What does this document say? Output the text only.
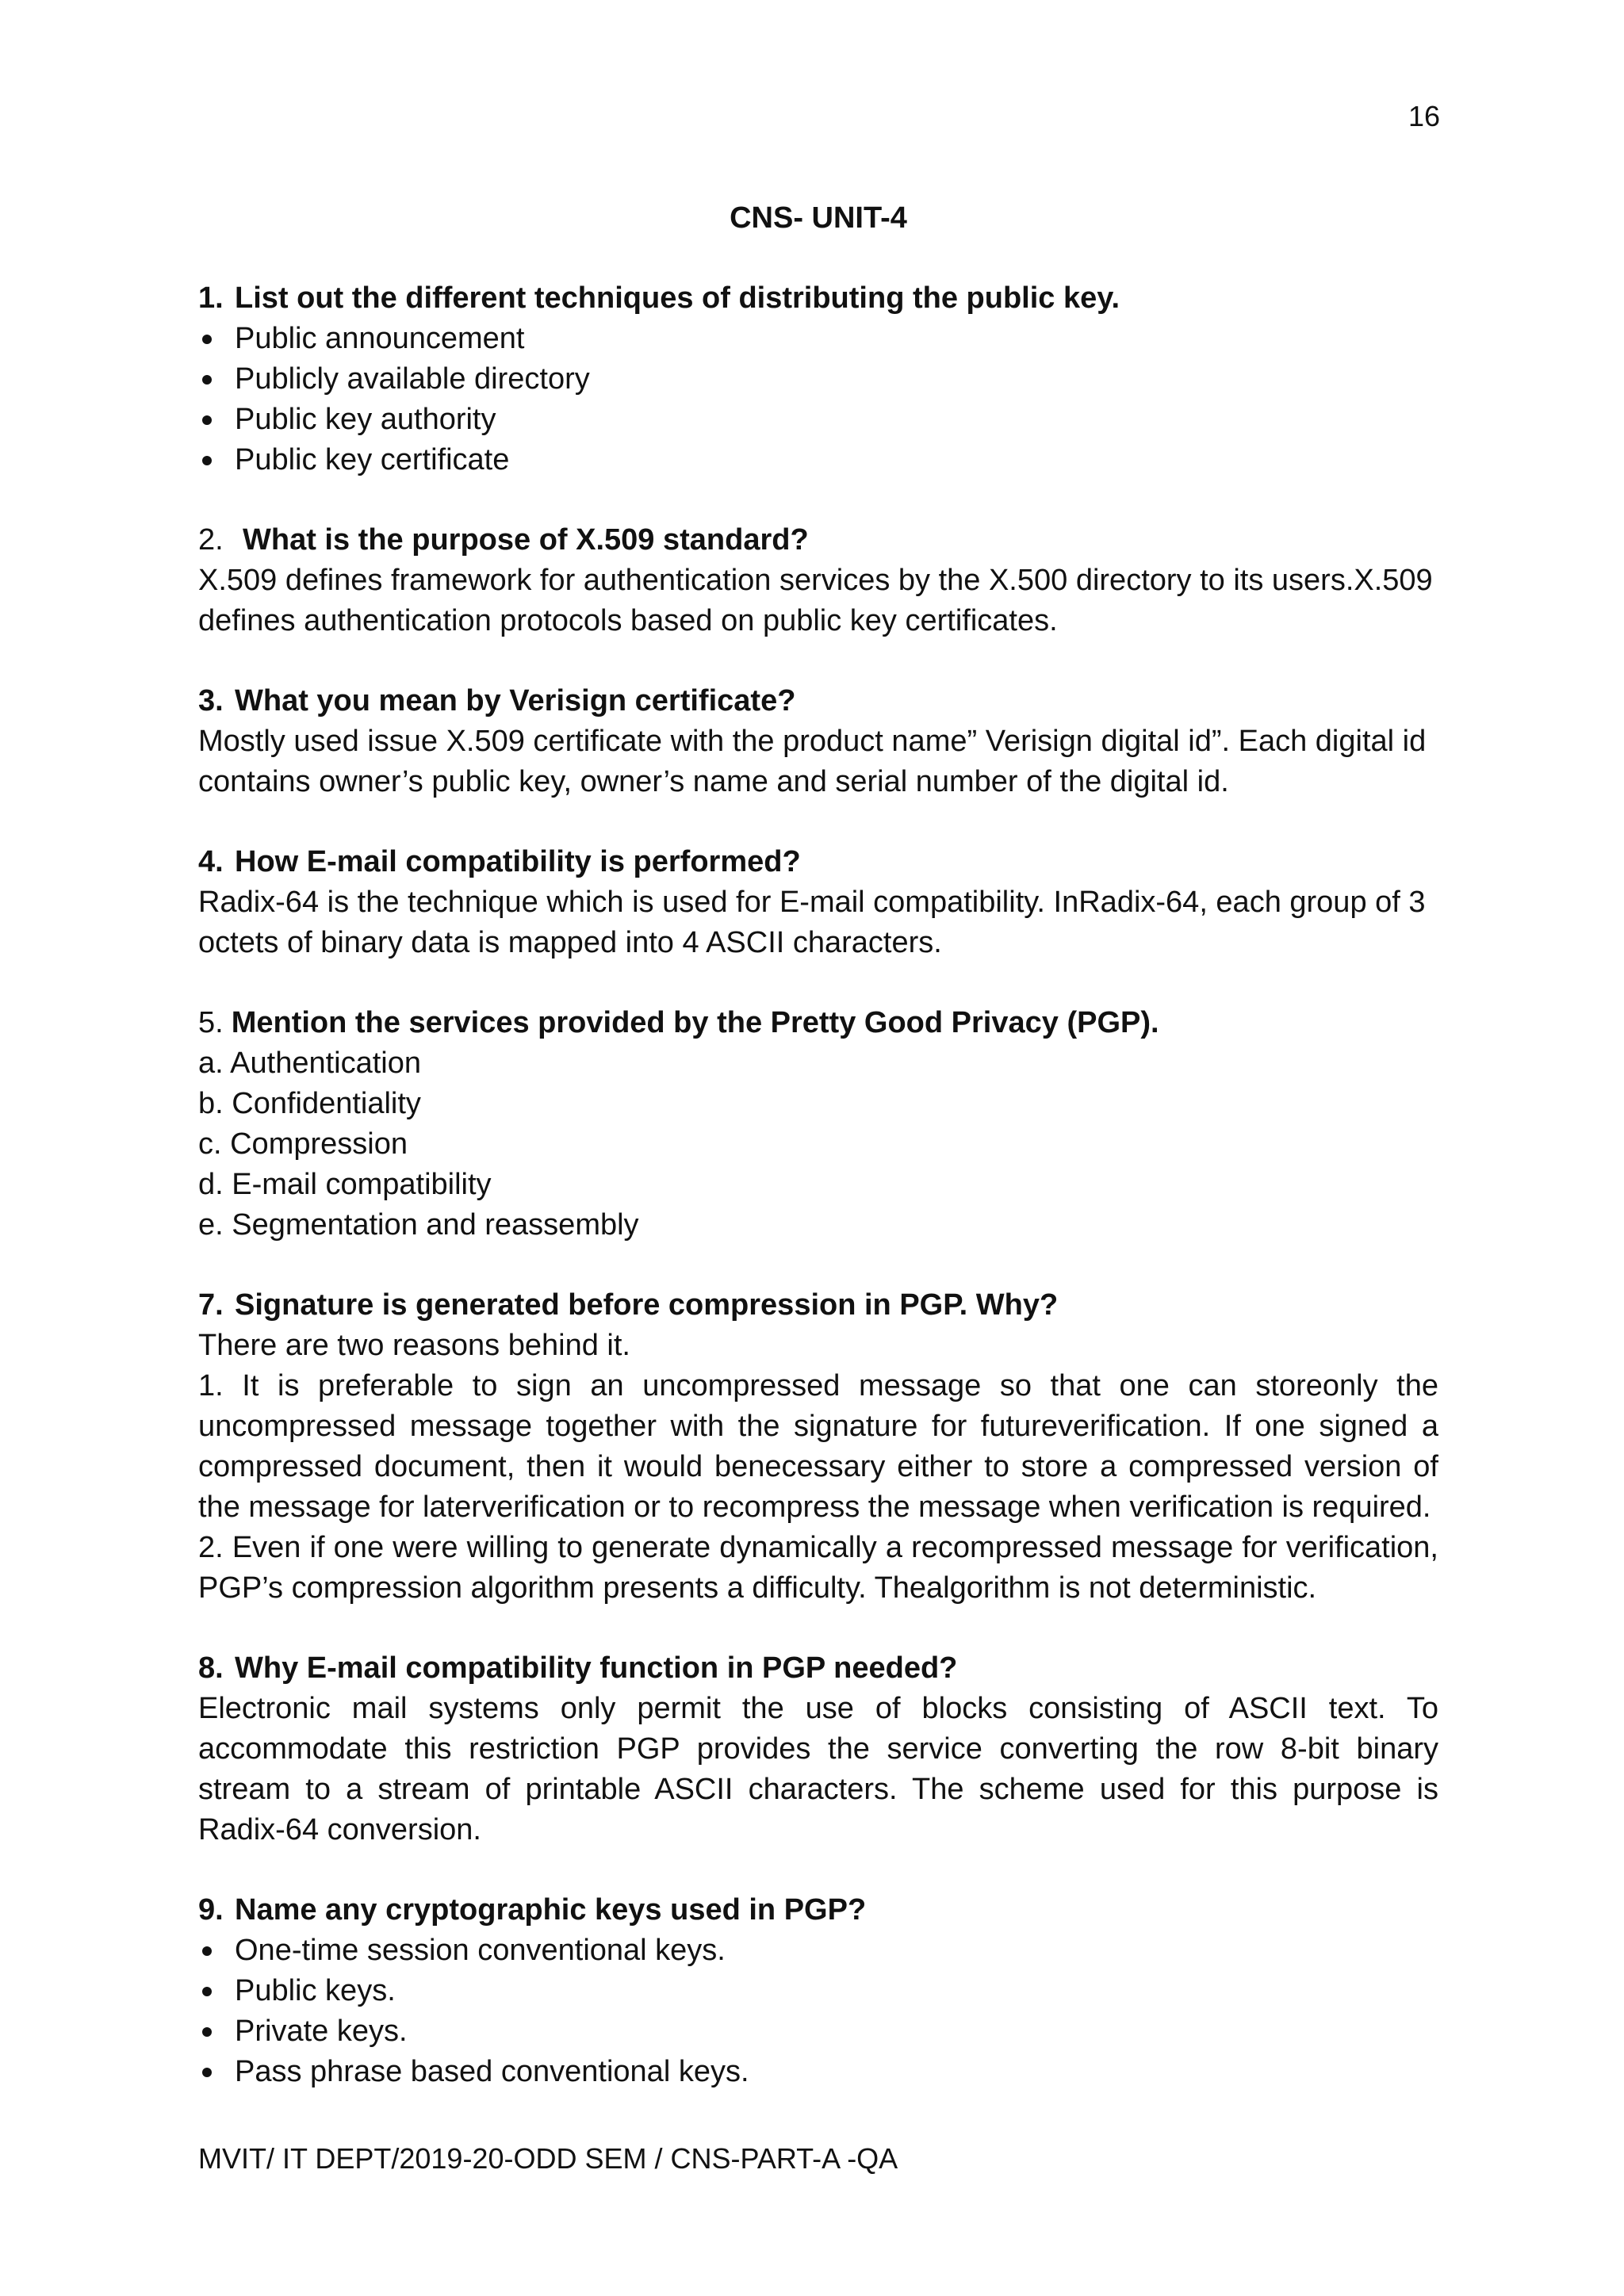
16
CNS- UNIT-4
1. List out the different techniques of distributing the public key.
Public announcement
Publicly available directory
Public key authority
Public key certificate
2. What is the purpose of X.509 standard?

X.509 defines framework for authentication services by the X.500 directory to its users.X.509 defines authentication protocols based on public key certificates.

3. What you mean by Verisign certificate?

Mostly used issue X.509 certificate with the product name” Verisign digital id”. Each digital id contains owner’s public key, owner’s name and serial number of the digital id.

4. How E-mail compatibility is performed?

Radix-64 is the technique which is used for E-mail compatibility. InRadix-64, each group of 3 octets of binary data is mapped into 4 ASCII characters.

5. Mention the services provided by the Pretty Good Privacy (PGP).
a. Authentication
b. Confidentiality
c. Compression
d. E-mail compatibility
e. Segmentation and reassembly
7. Signature is generated before compression in PGP. Why?

There are two reasons behind it.

1. It is preferable to sign an uncompressed message so that one can storeonly the uncompressed message together with the signature for futureverification. If one signed a compressed document, then it would benecessary either to store a compressed version of the message for laterverification or to recompress the message when verification is required.

2. Even if one were willing to generate dynamically a recompressed message for verification, PGP’s compression algorithm presents a difficulty. Thealgorithm is not deterministic.

8. Why E-mail compatibility function in PGP needed?

Electronic mail systems only permit the use of blocks consisting of ASCII text. To accommodate this restriction PGP provides the service converting the row 8-bit binary stream to a stream of printable ASCII characters. The scheme used for this purpose is Radix-64 conversion.

9. Name any cryptographic keys used in PGP?
One-time session conventional keys.
Public keys.
Private keys.
Pass phrase based conventional keys.
MVIT/ IT DEPT/2019-20-ODD SEM / CNS-PART-A -QA
